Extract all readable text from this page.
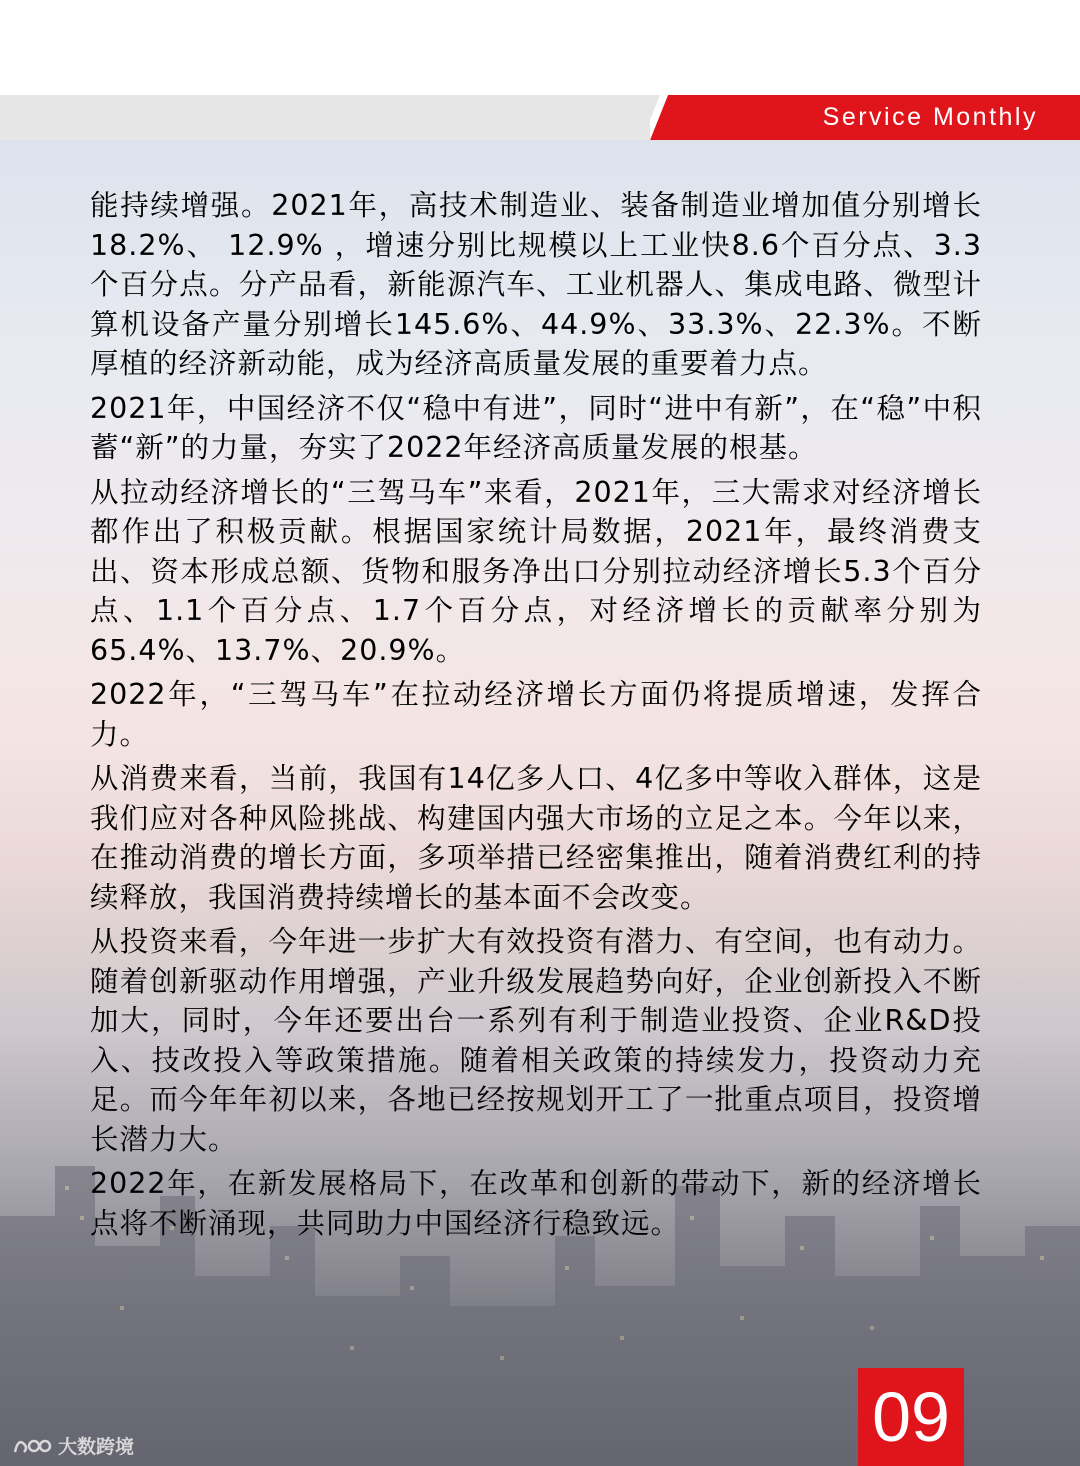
Service Monthly

能持续增强。2021年，高技术制造业、装备制造业增加值分别增长18.2%、 12.9% ，增速分别比规模以上工业快8.6个百分点、3.3个百分点。分产品看，新能源汽车、工业机器人、集成电路、微型计算机设备产量分别增长145.6%、44.9%、33.3%、22.3%。不断厚植的经济新动能，成为经济高质量发展的重要着力点。

2021年，中国经济不仅“稳中有进”，同时“进中有新”，在“稳”中积蓄“新”的力量，夯实了2022年经济高质量发展的根基。

从拉动经济增长的“三驾马车”来看，2021年，三大需求对经济增长都作出了积极贡献。根据国家统计局数据，2021年，最终消费支出、资本形成总额、货物和服务净出口分别拉动经济增长5.3个百分点、1.1个百分点、1.7个百分点，对经济增长的贡献率分别为65.4%、13.7%、20.9%。

2022年，“三驾马车”在拉动经济增长方面仍将提质增速，发挥合力。

从消费来看，当前，我国有14亿多人口、4亿多中等收入群体，这是我们应对各种风险挑战、构建国内强大市场的立足之本。今年以来，在推动消费的增长方面，多项举措已经密集推出，随着消费红利的持续释放，我国消费持续增长的基本面不会改变。

从投资来看，今年进一步扩大有效投资有潜力、有空间，也有动力。随着创新驱动作用增强，产业升级发展趋势向好，企业创新投入不断加大，同时，今年还要出台一系列有利于制造业投资、企业R&D投入、技改投入等政策措施。随着相关政策的持续发力，投资动力充足。而今年年初以来，各地已经按规划开工了一批重点项目，投资增长潜力大。

2022年，在新发展格局下，在改革和创新的带动下，新的经济增长点将不断涌现，共同助力中国经济行稳致远。

09
大数跨境
